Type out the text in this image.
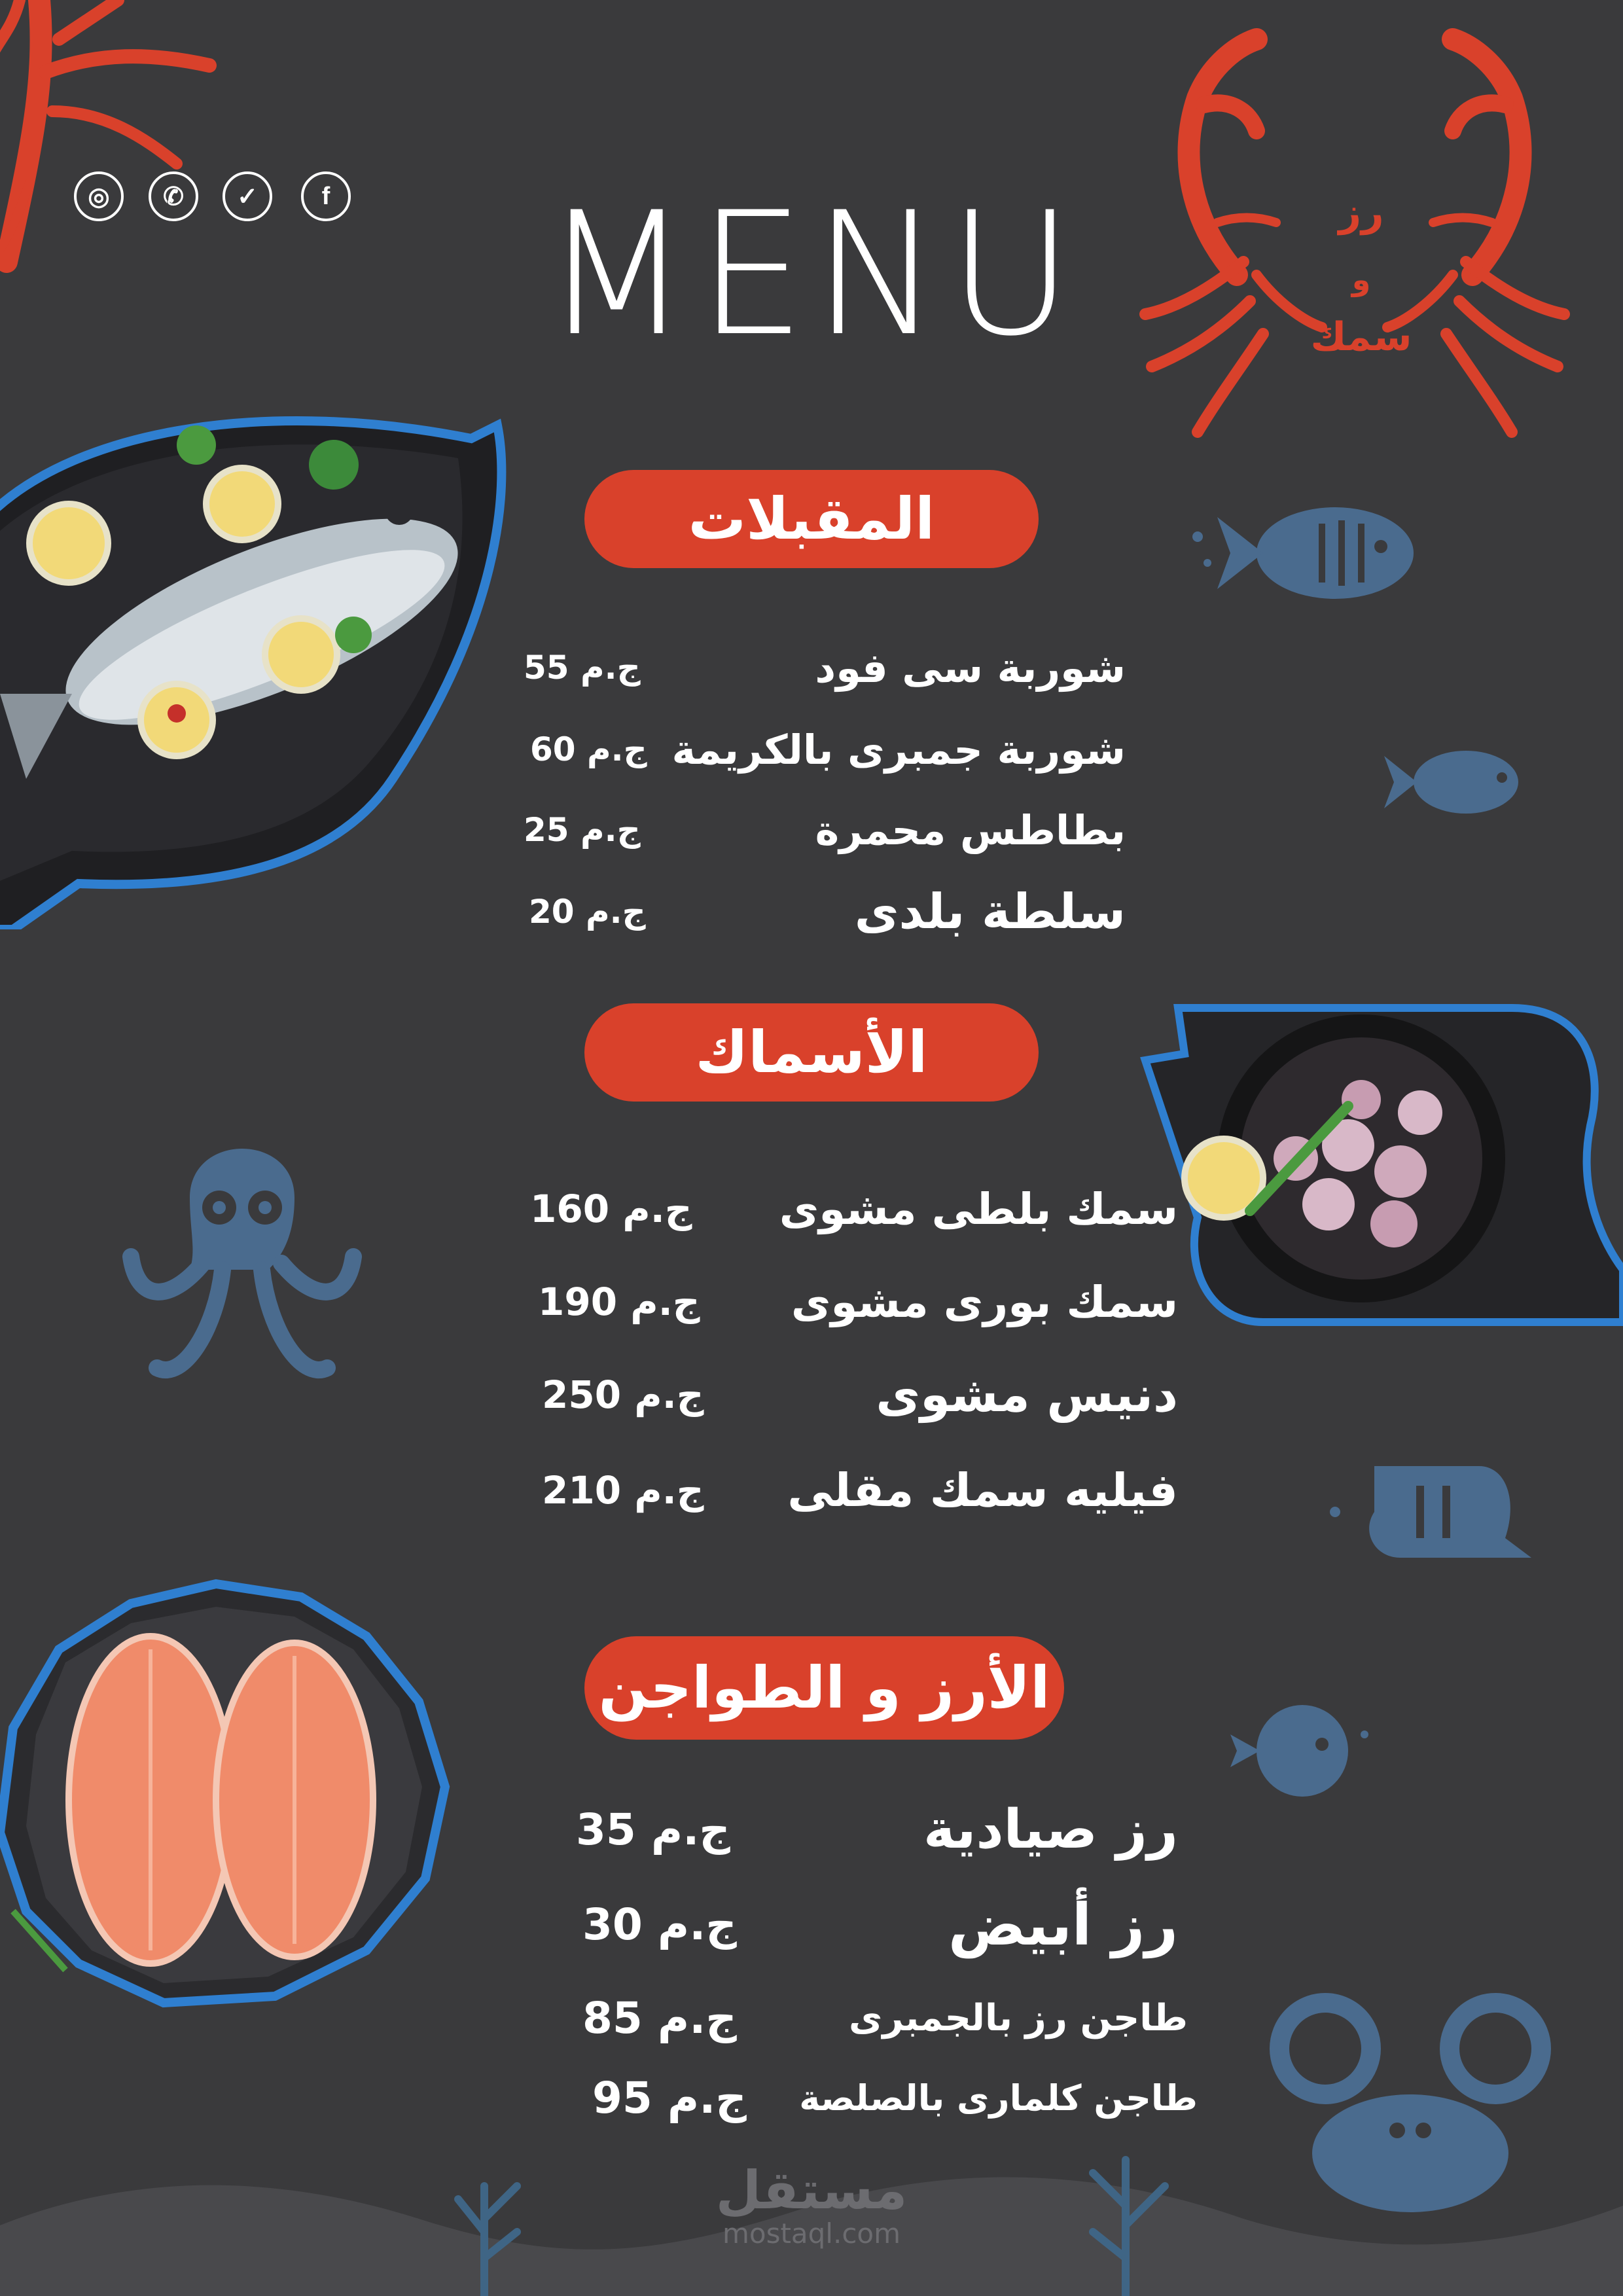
◎ ✆ ✓	f MENU	رز
و
سمك
مستقل
mostaql.com
المقبلات
55 ج.م	شوربة سى فود
60 ج.م شوربة جمبرى بالكريمة
25 ج.م	بطاطس محمرة
20 ج.م	سلطة بلدى
الأسماك
160 ج.م سمك بلطى مشوى
190 ج.م سمك بورى مشوى
250 ج.م	دنيس مشوى
210 ج.م فيليه سمك مقلى
الأرز و الطواجن
35 ج.م	رز صيادية
30 ج.م	رز أبيض
85 ج.م	طاجن رز بالجمبرى
95 ج.م طاجن كلمارى بالصلصة
